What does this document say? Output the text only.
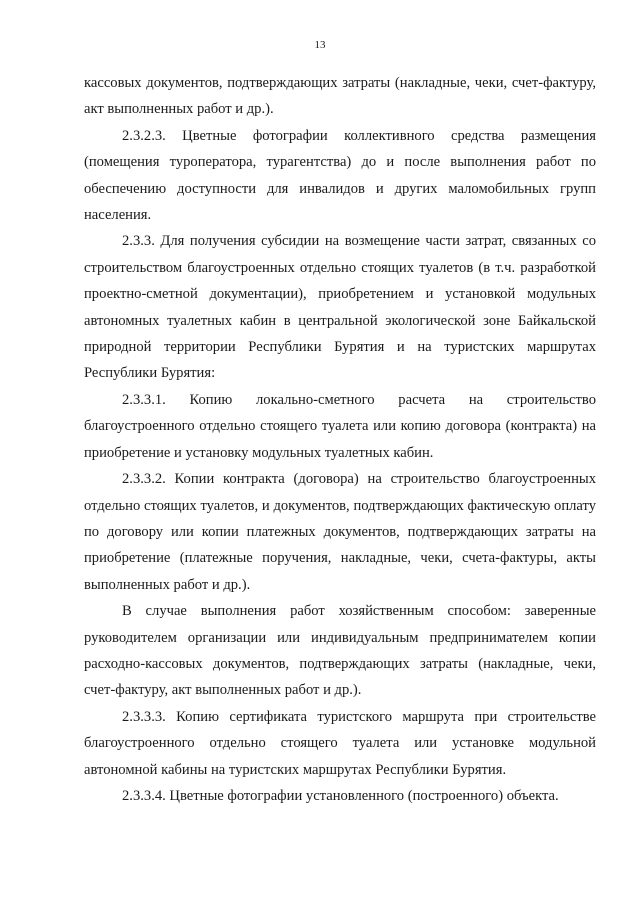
13

кассовых документов, подтверждающих затраты (накладные, чеки, счет-фактуру, акт выполненных работ и др.).

2.3.2.3. Цветные фотографии коллективного средства размещения (помещения туроператора, турагентства) до и после выполнения работ по обеспечению доступности для инвалидов и других маломобильных групп населения.

2.3.3. Для получения субсидии на возмещение части затрат, связанных со строительством благоустроенных отдельно стоящих туалетов (в т.ч. разработкой проектно-сметной документации), приобретением и установкой модульных автономных туалетных кабин в центральной экологической зоне Байкальской природной территории Республики Бурятия и на туристских маршрутах Республики Бурятия:

2.3.3.1. Копию локально-сметного расчета на строительство благоустроенного отдельно стоящего туалета или копию договора (контракта) на приобретение и установку модульных туалетных кабин.

2.3.3.2. Копии контракта (договора) на строительство благоустроенных отдельно стоящих туалетов, и документов, подтверждающих фактическую оплату по договору или копии платежных документов, подтверждающих затраты на приобретение (платежные поручения, накладные, чеки, счета-фактуры, акты выполненных работ и др.).

В случае выполнения работ хозяйственным способом: заверенные руководителем организации или индивидуальным предпринимателем копии расходно-кассовых документов, подтверждающих затраты (накладные, чеки, счет-фактуру, акт выполненных работ и др.).

2.3.3.3. Копию сертификата туристского маршрута при строительстве благоустроенного отдельно стоящего туалета или установке модульной автономной кабины на туристских маршрутах Республики Бурятия.

2.3.3.4. Цветные фотографии установленного (построенного) объекта.
